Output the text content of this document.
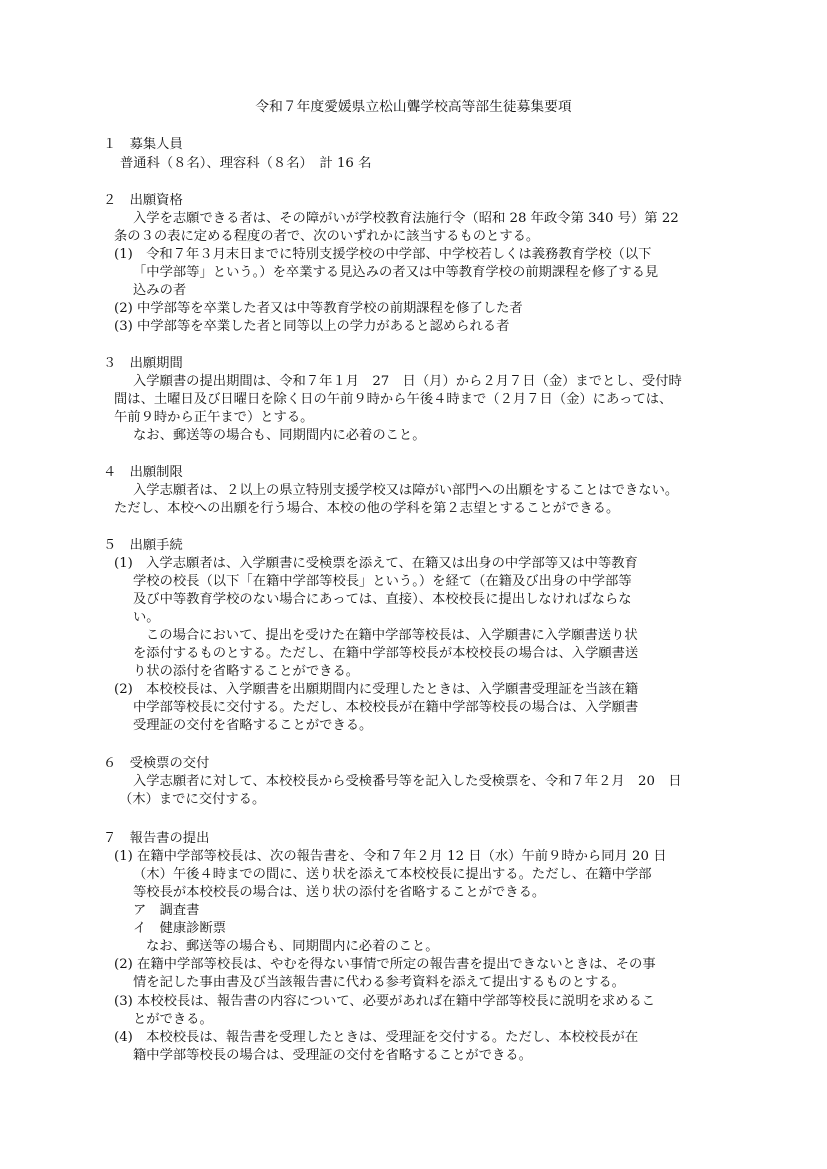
令和７年度愛媛県立松山聾学校高等部生徒募集要項
１　募集人員
普通科（８名）、理容科（８名）　計 16 名
２　出願資格
入学を志願できる者は、その障がいが学校教育法施行令（昭和 28 年政令第 340 号）第 22
条の３の表に定める程度の者で、次のいずれかに該当するものとする。
(1)　令和７年３月末日までに特別支援学校の中学部、中学校若しくは義務教育学校（以下
「中学部等」という。）を卒業する見込みの者又は中等教育学校の前期課程を修了する見
込みの者
(2) 中学部等を卒業した者又は中等教育学校の前期課程を修了した者
(3) 中学部等を卒業した者と同等以上の学力があると認められる者
３　出願期間
入学願書の提出期間は、令和７年１月　27　日（月）から２月７日（金）までとし、受付時
間は、土曜日及び日曜日を除く日の午前９時から午後４時まで（２月７日（金）にあっては、
午前９時から正午まで）とする。
なお、郵送等の場合も、同期間内に必着のこと。
４　出願制限
入学志願者は、２以上の県立特別支援学校又は障がい部門への出願をすることはできない。
ただし、本校への出願を行う場合、本校の他の学科を第２志望とすることができる。
５　出願手続
(1)　入学志願者は、入学願書に受検票を添えて、在籍又は出身の中学部等又は中等教育
学校の校長（以下「在籍中学部等校長」という。）を経て（在籍及び出身の中学部等
及び中等教育学校のない場合にあっては、直接）、本校校長に提出しなければならな
い。
この場合において、提出を受けた在籍中学部等校長は、入学願書に入学願書送り状
を添付するものとする。ただし、在籍中学部等校長が本校校長の場合は、入学願書送
り状の添付を省略することができる。
(2)　本校校長は、入学願書を出願期間内に受理したときは、入学願書受理証を当該在籍
中学部等校長に交付する。ただし、本校校長が在籍中学部等校長の場合は、入学願書
受理証の交付を省略することができる。
６　受検票の交付
入学志願者に対して、本校校長から受検番号等を記入した受検票を、令和７年２月　20　日
（木）までに交付する。
７　報告書の提出
(1) 在籍中学部等校長は、次の報告書を、令和７年２月 12 日（水）午前９時から同月 20 日
（木）午後４時までの間に、送り状を添えて本校校長に提出する。ただし、在籍中学部
等校長が本校校長の場合は、送り状の添付を省略することができる。
ア　調査書
イ　健康診断票
なお、郵送等の場合も、同期間内に必着のこと。
(2) 在籍中学部等校長は、やむを得ない事情で所定の報告書を提出できないときは、その事
情を記した事由書及び当該報告書に代わる参考資料を添えて提出するものとする。
(3) 本校校長は、報告書の内容について、必要があれば在籍中学部等校長に説明を求めるこ
とができる。
(4)　本校校長は、報告書を受理したときは、受理証を交付する。ただし、本校校長が在
籍中学部等校長の場合は、受理証の交付を省略することができる。
